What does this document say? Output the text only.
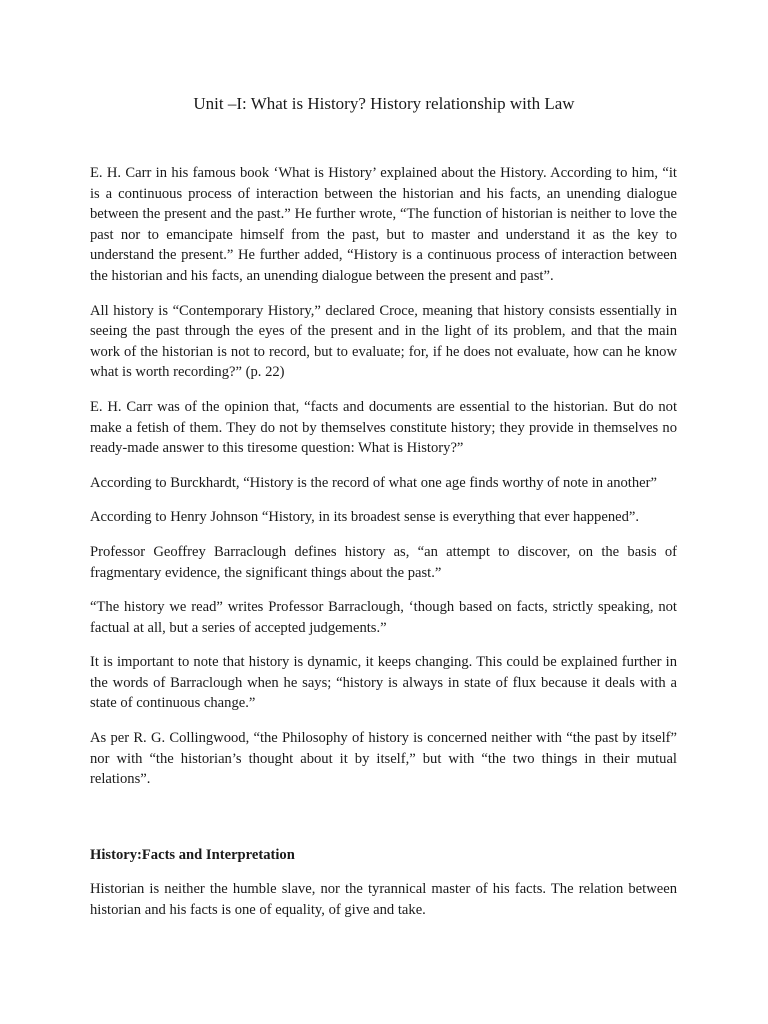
Unit –I: What is History? History relationship with Law

E. H. Carr in his famous book ‘What is History’ explained about the History. According to him, “it is a continuous process of interaction between the historian and his facts, an unending dialogue between the present and the past.” He further wrote, “The function of historian is neither to love the past nor to emancipate himself from the past, but to master and understand it as the key to understand the present.” He further added, “History is a continuous process of interaction between the historian and his facts, an unending dialogue between the present and past”.

All history is “Contemporary History,” declared Croce, meaning that history consists essentially in seeing the past through the eyes of the present and in the light of its problem, and that the main work of the historian is not to record, but to evaluate; for, if he does not evaluate, how can he know what is worth recording?” (p. 22)

E. H. Carr was of the opinion that, “facts and documents are essential to the historian. But do not make a fetish of them. They do not by themselves constitute history; they provide in themselves no ready-made answer to this tiresome question: What is History?”

According to Burckhardt, “History is the record of what one age finds worthy of note in another”

According to Henry Johnson “History, in its broadest sense is everything that ever happened”.

Professor Geoffrey Barraclough defines history as, “an attempt to discover, on the basis of fragmentary evidence, the significant things about the past.”

“The history we read” writes Professor Barraclough, ‘though based on facts, strictly speaking, not factual at all, but a series of accepted judgements.”

It is important to note that history is dynamic, it keeps changing. This could be explained further in the words of Barraclough when he says; “history is always in state of flux because it deals with a state of continuous change.”

As per R. G. Collingwood, “the Philosophy of history is concerned neither with “the past by itself” nor with “the historian’s thought about it by itself,” but with “the two things in their mutual relations”.

History:Facts and Interpretation

Historian is neither the humble slave, nor the tyrannical master of his facts. The relation between historian and his facts is one of equality, of give and take.
